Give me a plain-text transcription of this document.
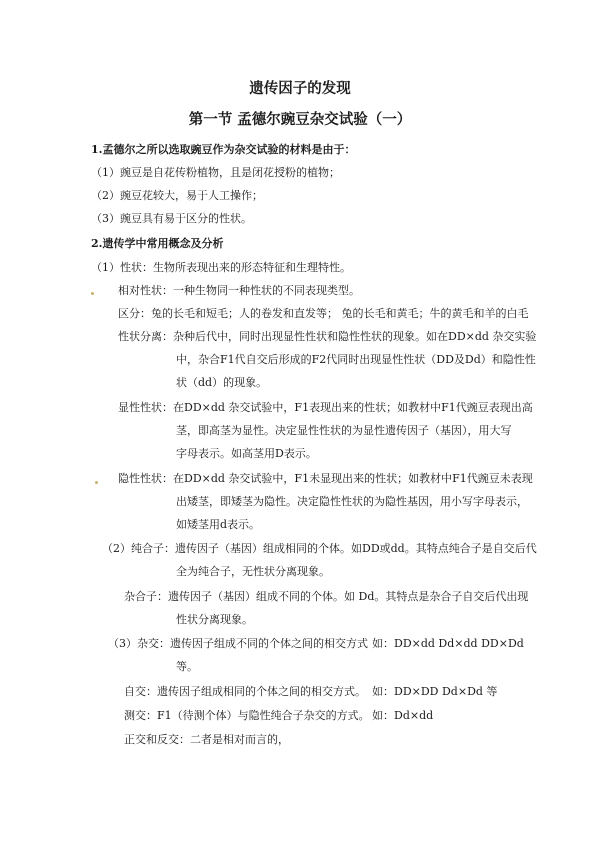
遗传因子的发现
第一节 孟德尔豌豆杂交试验（一）
1.孟德尔之所以选取豌豆作为杂交试验的材料是由于：
（1）豌豆是自花传粉植物，且是闭花授粉的植物；
（2）豌豆花较大，易于人工操作；
（3）豌豆具有易于区分的性状。
2.遗传学中常用概念及分析
（1）性状：生物所表现出来的形态特征和生理特性。
相对性状：一种生物同一种性状的不同表现类型。
区分：兔的长毛和短毛；人的卷发和直发等； 兔的长毛和黄毛；牛的黄毛和羊的白毛
性状分离：杂种后代中，同时出现显性性状和隐性性状的现象。如在DD×dd 杂交实验
中，杂合F1代自交后形成的F2代同时出现显性性状（DD及Dd）和隐性性
状（dd）的现象。
显性性状：在DD×dd 杂交试验中，F1表现出来的性状；如教材中F1代豌豆表现出高
茎，即高茎为显性。决定显性性状的为显性遗传因子（基因），用大写
字母表示。如高茎用D表示。
隐性性状：在DD×dd 杂交试验中，F1未显现出来的性状；如教材中F1代豌豆未表现
出矮茎，即矮茎为隐性。决定隐性性状的为隐性基因，用小写字母表示，
如矮茎用d表示。
（2）纯合子：遗传因子（基因）组成相同的个体。如DD或dd。其特点纯合子是自交后代
全为纯合子，无性状分离现象。
杂合子：遗传因子（基因）组成不同的个体。如 Dd。其特点是杂合子自交后代出现
性状分离现象。
（3）杂交：遗传因子组成不同的个体之间的相交方式 如：DD×dd Dd×dd DD×Dd
等。
自交：遗传因子组成相同的个体之间的相交方式。 如：DD×DD Dd×Dd 等
测交：F1（待测个体）与隐性纯合子杂交的方式。 如：Dd×dd
正交和反交：二者是相对而言的，
